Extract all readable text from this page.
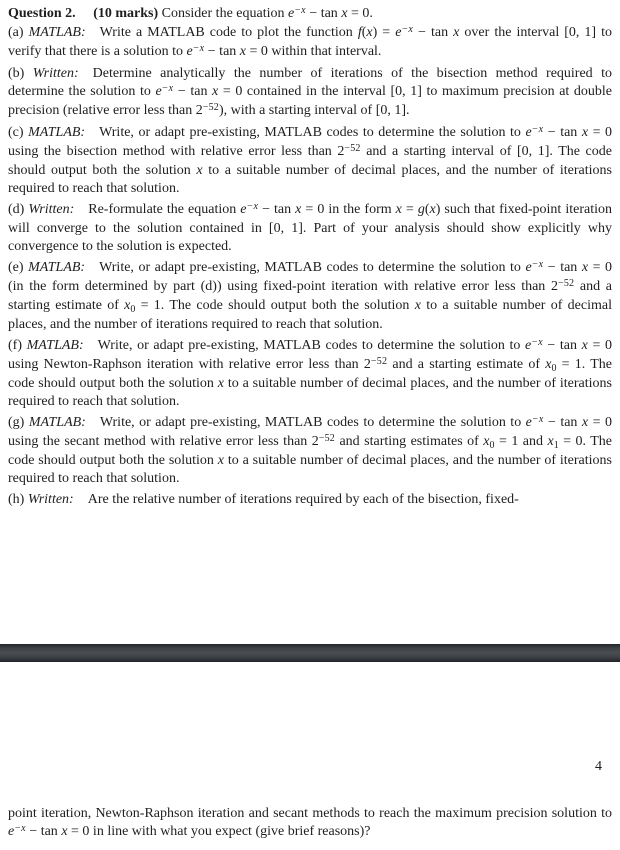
Question 2.  (10 marks) Consider the equation $e^{-x} - \tan x = 0$.

(a) MATLAB: Write a MATLAB code to plot the function $f(x) = e^{-x} - \tan x$ over the interval [0, 1] to verify that there is a solution to $e^{-x} - \tan x = 0$ within that interval.

(b) Written: Determine analytically the number of iterations of the bisection method required to determine the solution to $e^{-x} - \tan x = 0$ contained in the interval [0, 1] to maximum precision at double precision (relative error less than $2^{-52}$), with a starting interval of [0, 1].

(c) MATLAB: Write, or adapt pre-existing, MATLAB codes to determine the solution to $e^{-x} - \tan x = 0$ using the bisection method with relative error less than $2^{-52}$ and a starting interval of [0, 1]. The code should output both the solution x to a suitable number of decimal places, and the number of iterations required to reach that solution.

(d) Written: Re-formulate the equation $e^{-x} - \tan x = 0$ in the form x = g(x) such that fixed-point iteration will converge to the solution contained in [0, 1]. Part of your analysis should show explicitly why convergence to the solution is expected.

(e) MATLAB: Write, or adapt pre-existing, MATLAB codes to determine the solution to $e^{-x} - \tan x = 0$ (in the form determined by part (d)) using fixed-point iteration with relative error less than $2^{-52}$ and a starting estimate of $x_0 = 1$. The code should output both the solution x to a suitable number of decimal places, and the number of iterations required to reach that solution.

(f) MATLAB: Write, or adapt pre-existing, MATLAB codes to determine the solution to $e^{-x} - \tan x = 0$ using Newton-Raphson iteration with relative error less than $2^{-52}$ and a starting estimate of $x_0 = 1$. The code should output both the solution x to a suitable number of decimal places, and the number of iterations required to reach that solution.

(g) MATLAB: Write, or adapt pre-existing, MATLAB codes to determine the solution to $e^{-x} - \tan x = 0$ using the secant method with relative error less than $2^{-52}$ and starting estimates of $x_0 = 1$ and $x_1 = 0$. The code should output both the solution x to a suitable number of decimal places, and the number of iterations required to reach that solution.

(h) Written: Are the relative number of iterations required by each of the bisection, fixed-

4

point iteration, Newton-Raphson iteration and secant methods to reach the maximum precision solution to $e^{-x} - \tan x = 0$ in line with what you expect (give brief reasons)?
